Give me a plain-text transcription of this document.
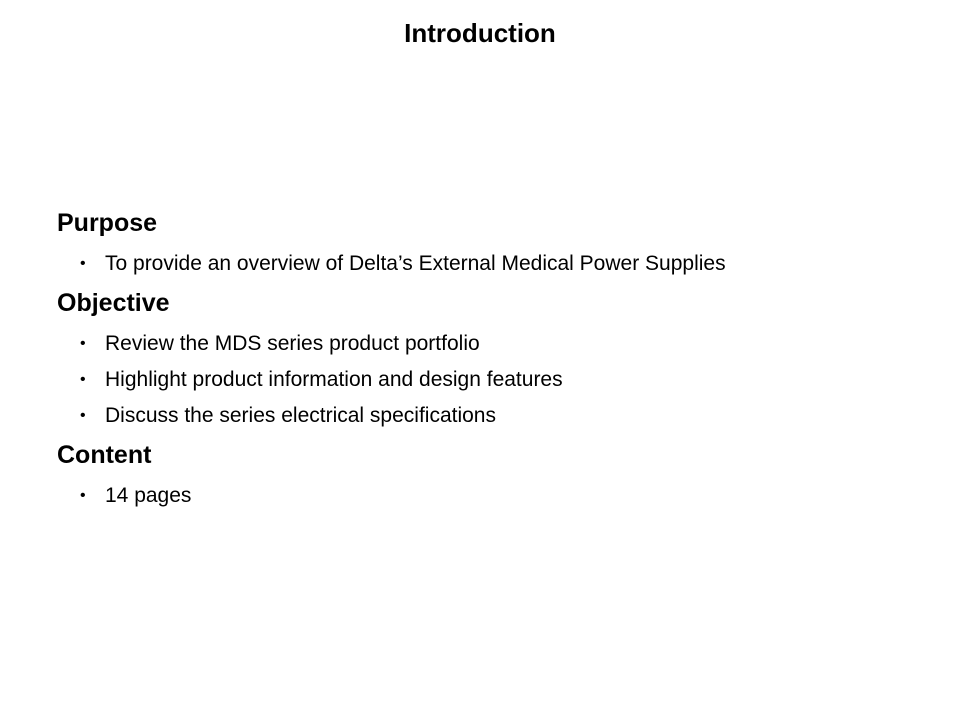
Introduction
Purpose
• To provide an overview of Delta’s External Medical Power Supplies
Objective
• Review the MDS series product portfolio
• Highlight product information and design features
• Discuss the series electrical specifications
Content
• 14 pages
